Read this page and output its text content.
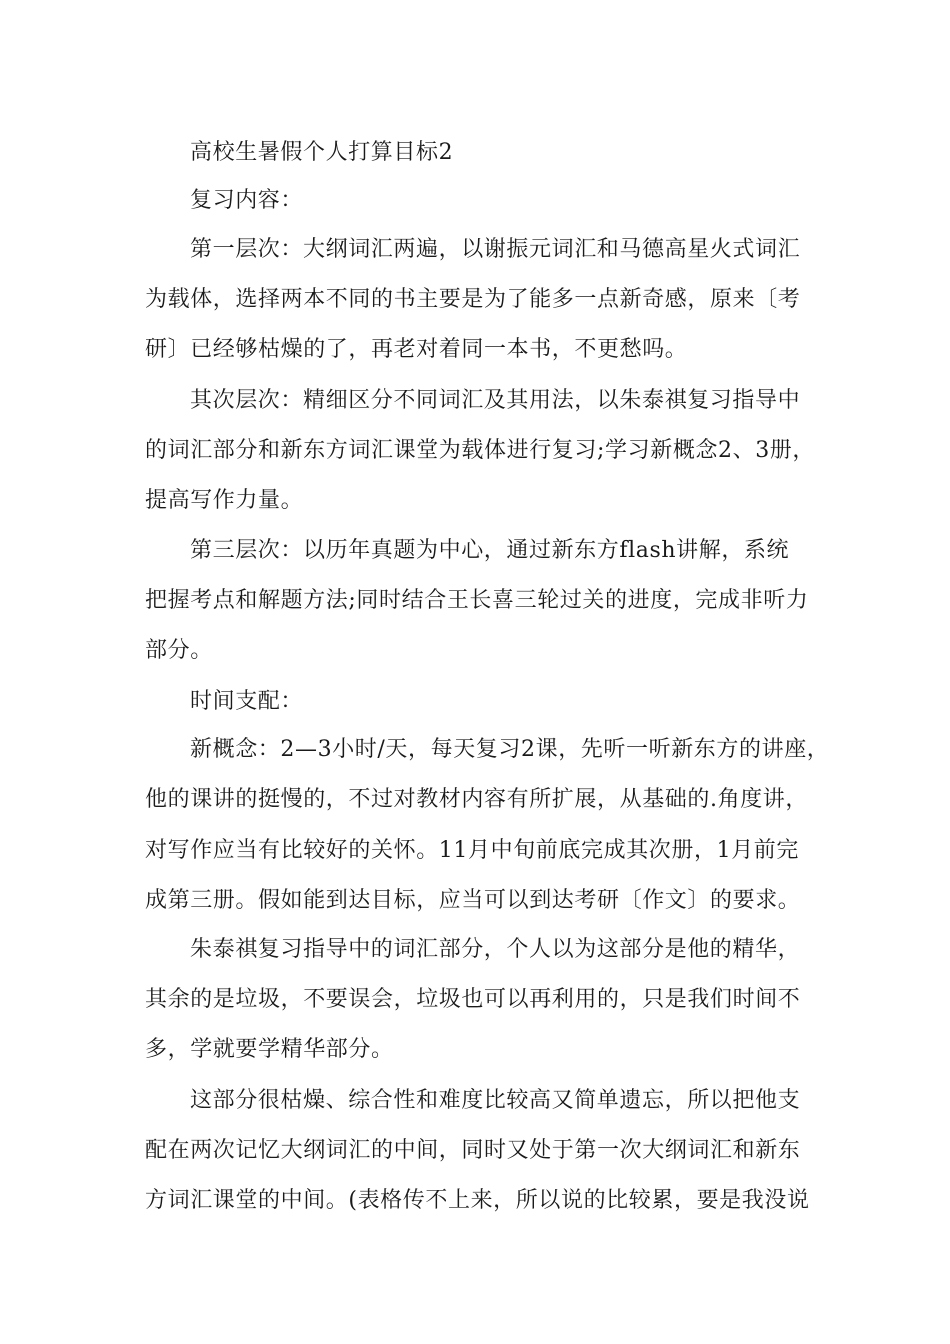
高校生暑假个人打算目标2
复习内容：
第一层次：大纲词汇两遍，以谢振元词汇和马德高星火式词汇
为载体，选择两本不同的书主要是为了能多一点新奇感，原来〔考
研〕已经够枯燥的了，再老对着同一本书，不更愁吗。
其次层次：精细区分不同词汇及其用法，以朱泰祺复习指导中
的词汇部分和新东方词汇课堂为载体进行复习;学习新概念2、3册，
提高写作力量。
第三层次：以历年真题为中心，通过新东方flash讲解，系统
把握考点和解题方法;同时结合王长喜三轮过关的进度，完成非听力
部分。
时间支配：
新概念：2—3小时/天，每天复习2课，先听一听新东方的讲座，
他的课讲的挺慢的，不过对教材内容有所扩展，从基础的.角度讲，
对写作应当有比较好的关怀。11月中旬前底完成其次册，1月前完
成第三册。假如能到达目标，应当可以到达考研〔作文〕的要求。
朱泰祺复习指导中的词汇部分，个人以为这部分是他的精华，
其余的是垃圾，不要误会，垃圾也可以再利用的，只是我们时间不
多，学就要学精华部分。
这部分很枯燥、综合性和难度比较高又简单遗忘，所以把他支
配在两次记忆大纲词汇的中间，同时又处于第一次大纲词汇和新东
方词汇课堂的中间。(表格传不上来，所以说的比较累，要是我没说
